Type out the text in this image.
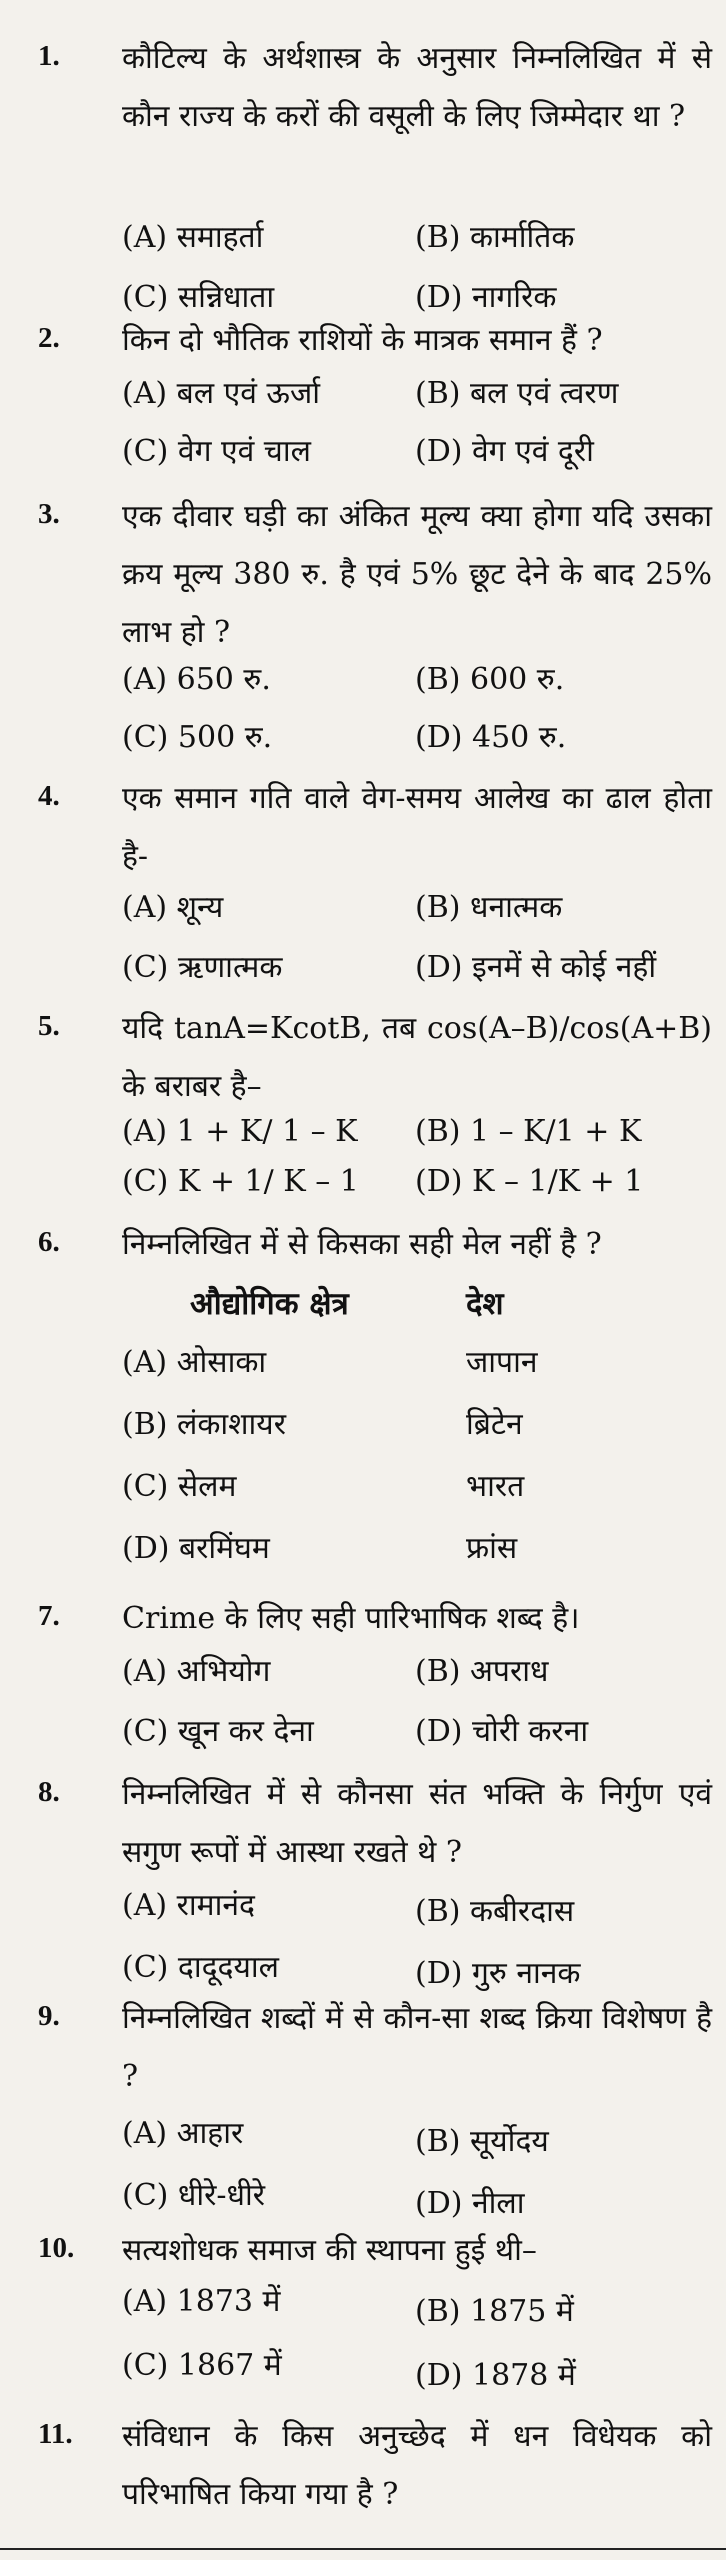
1. कौटिल्य के अर्थशास्त्र के अनुसार निम्नलिखित में से कौन राज्य के करों की वसूली के लिए जिम्मेदार था ?
(A) समाहर्ता	(B) कार्मातिक
(C) सन्निधाता	(D) नागरिक
2. किन दो भौतिक राशियों के मात्रक समान हैं ?
(A) बल एवं ऊर्जा	(B) बल एवं त्वरण
(C) वेग एवं चाल	(D) वेग एवं दूरी
3. एक दीवार घड़ी का अंकित मूल्य क्या होगा यदि उसका क्रय मूल्य 380 रु. है एवं 5% छूट देने के बाद 25% लाभ हो ?
(A) 650 रु.	(B) 600 रु.
(C) 500 रु.	(D) 450 रु.
4. एक समान गति वाले वेग-समय आलेख का ढाल होता है-
(A) शून्य	(B) धनात्मक
(C) ऋणात्मक	(D) इनमें से कोई नहीं
5. यदि tanA=KcotB, तब cos(A–B)/cos(A+B) के बराबर है–
(A) 1 + K/ 1 – K (B) 1 – K/1 + K
(C) K + 1/ K – 1 (D) K – 1/K + 1
6. निम्नलिखित में से किसका सही मेल नहीं है ?
औद्योगिक क्षेत्र	देश
(A) ओसाका	जापान
(B) लंकाशायर	ब्रिटेन
(C) सेलम	भारत
(D) बरमिंघम	फ्रांस
7. Crime के लिए सही पारिभाषिक शब्द है।
(A) अभियोग	(B) अपराध
(C) खून कर देना	(D) चोरी करना
8. निम्नलिखित में से कौनसा संत भक्ति के निर्गुण एवं सगुण रूपों में आस्था रखते थे ?
(A) रामानंद	(B) कबीरदास
(C) दादूदयाल	(D) गुरु नानक
9. निम्नलिखित शब्दों में से कौन-सा शब्द क्रिया विशेषण है ?
(A) आहार	(B) सूर्योदय
(C) धीरे-धीरे	(D) नीला
10. सत्यशोधक समाज की स्थापना हुई थी–
(A) 1873 में	(B) 1875 में
(C) 1867 में	(D) 1878 में
11. संविधान के किस अनुच्छेद में धन विधेयक को परिभाषित किया गया है ?
